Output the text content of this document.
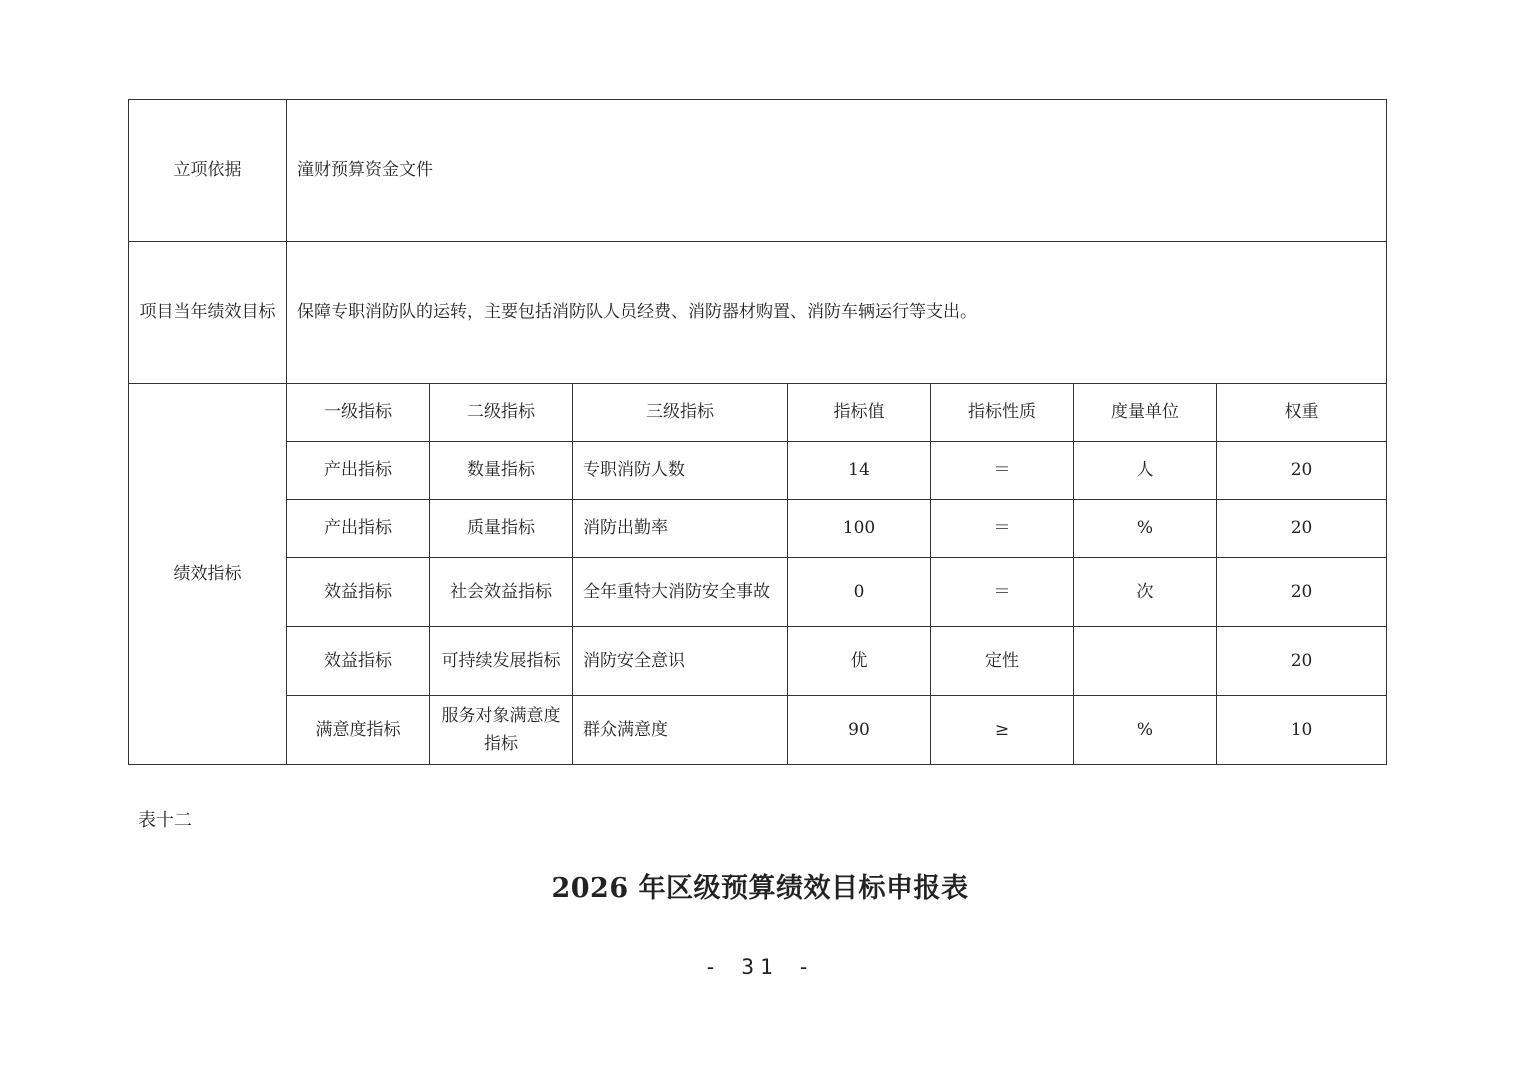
立项依据	潼财预算资金文件						
项目当年绩效目标	保障专职消防队的运转，主要包括消防队人员经费、消防器材购置、消防车辆运行等支出。						
绩效指标	一级指标	二级指标	三级指标	指标值	指标性质	度量单位	权重
	产出指标	数量指标	专职消防人数	14	＝	人	20
	产出指标	质量指标	消防出勤率	100	＝	%	20
	效益指标	社会效益指标	全年重特大消防安全事故	0	＝	次	20
	效益指标	可持续发展指标	消防安全意识	优	定性		20
	满意度指标	服务对象满意度指标	群众满意度	90	≥	%	10
表十二
2026 年区级预算绩效目标申报表
- 31 -
